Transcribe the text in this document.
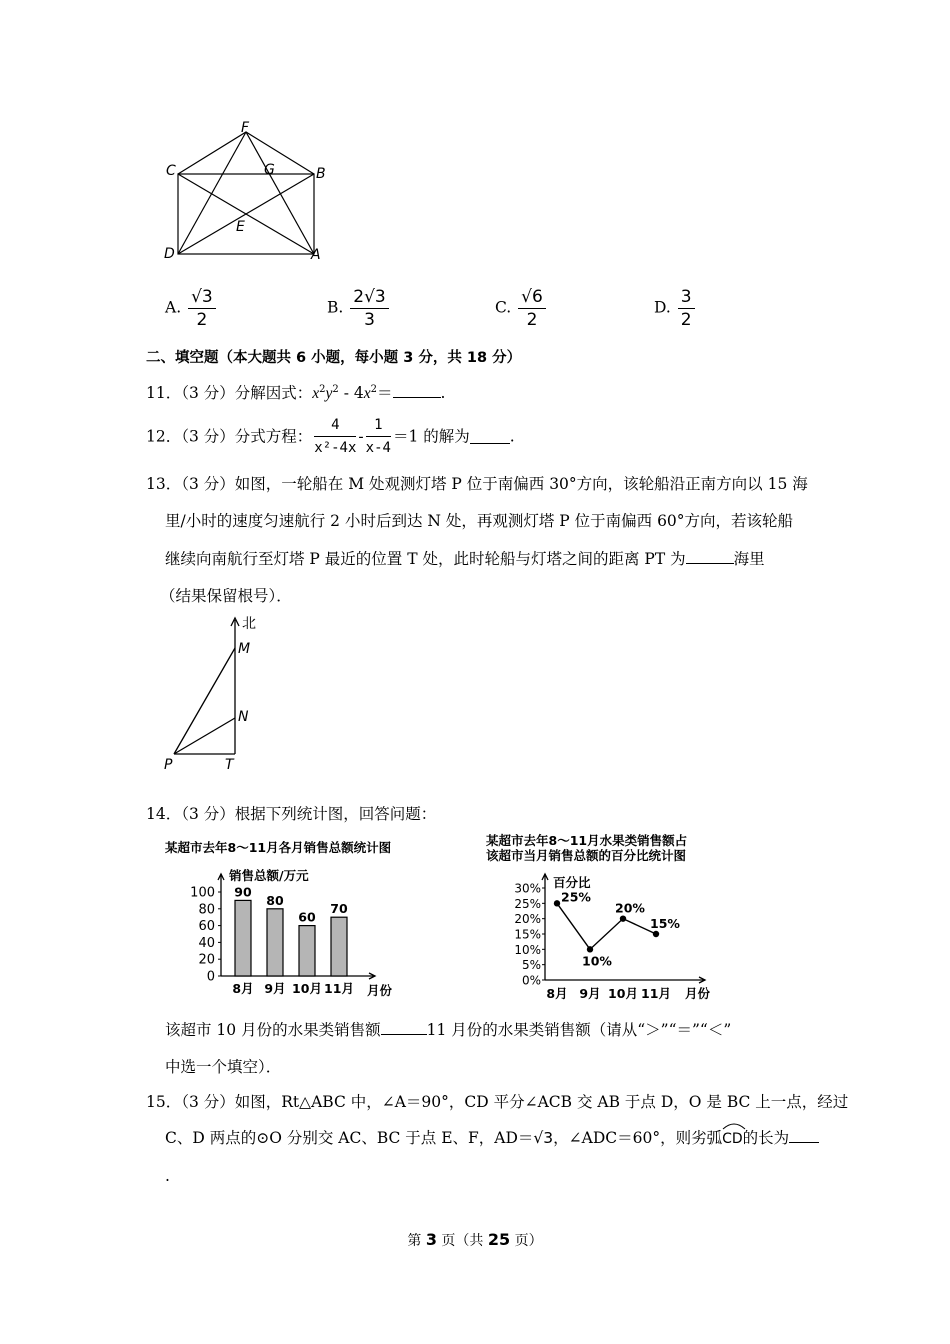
F
C	G	B
E
D	A
A. $\frac{√3}{2}$	B. $\frac{2√3}{3}$	C. $\frac{√6}{2}$	D. $\frac{3}{2}$
二、填空题（本大题共 6 小题，每小题 3 分，共 18 分）
11．（3 分）分解因式：$x^2y^2 - 4x^2=$	.
12．（3 分）分式方程： $\frac{4}{\text{x²-4x}} - \frac{1}{x-4} =1$ 的解为	.
13．（3 分）如图，一轮船在 M 处观测灯塔 P 位于南偏西 30°方向，该轮船沿正南方向以 15 海
里/小时的速度匀速航行 2 小时后到达 N 处，再观测灯塔 P 位于南偏西 60°方向，若该轮船
继续向南航行至灯塔 P 最近的位置 T 处，此时轮船与灯塔之间的距离 PT 为	海里
（结果保留根号）．
北
M
N
P	T
14．（3 分）根据下列统计图，回答问题：
某超市去年8～11月各月销售总额统计图
销售总额/万元
月份
100
80
60
40
20
0
90
8月
80
9月
60
10月
70
11月
某超市去年8～11月水果类销售额占
该超市当月销售总额的百分比统计图
百分比
月份
30%
25%
20%
15%
10%
5%
0%
25%
8月
10%
9月
20%
10月
15%
11月
该超市 10 月份的水果类销售额	11 月份的水果类销售额（请从“＞”“＝”“＜”
中选一个填空）．
15．（3 分）如图，Rt△ABC 中，∠A＝90°，CD 平分∠ACB 交 AB 于点 D，O 是 BC 上一点，经过
C、D 两点的⊙O 分别交 AC、BC 于点 E、F，AD＝√3，∠ADC＝60°，则劣弧CD
的长为
.
第 3 页（共 25 页）
